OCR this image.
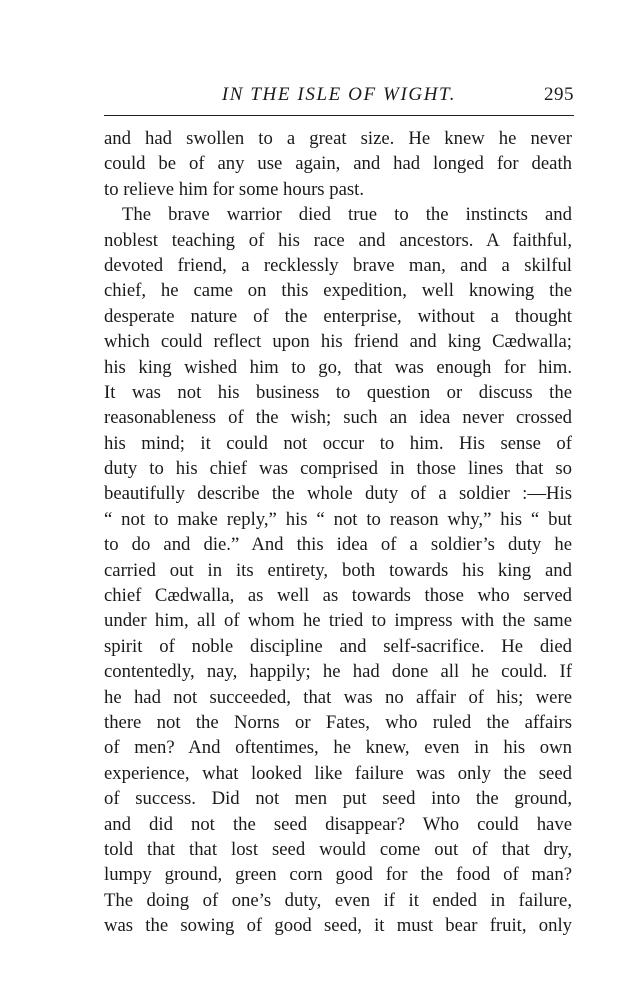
IN THE ISLE OF WIGHT.	295
and had swollen to a great size. He knew he never
could be of any use again, and had longed for death
to relieve him for some hours past.
The brave warrior died true to the instincts and
noblest teaching of his race and ancestors. A faithful,
devoted friend, a recklessly brave man, and a skilful
chief, he came on this expedition, well knowing the
desperate nature of the enterprise, without a thought
which could reflect upon his friend and king Cædwalla;
his king wished him to go, that was enough for him.
It was not his business to question or discuss the
reasonableness of the wish; such an idea never crossed
his mind; it could not occur to him. His sense of
duty to his chief was comprised in those lines that so
beautifully describe the whole duty of a soldier :—His
“ not to make reply,” his “ not to reason why,” his “ but
to do and die.” And this idea of a soldier’s duty he
carried out in its entirety, both towards his king and
chief Cædwalla, as well as towards those who served
under him, all of whom he tried to impress with the same
spirit of noble discipline and self-sacrifice. He died
contentedly, nay, happily; he had done all he could. If
he had not succeeded, that was no affair of his; were
there not the Norns or Fates, who ruled the affairs
of men? And oftentimes, he knew, even in his own
experience, what looked like failure was only the seed
of success. Did not men put seed into the ground,
and did not the seed disappear? Who could have
told that that lost seed would come out of that dry,
lumpy ground, green corn good for the food of man?
The doing of one’s duty, even if it ended in failure,
was the sowing of good seed, it must bear fruit, only
